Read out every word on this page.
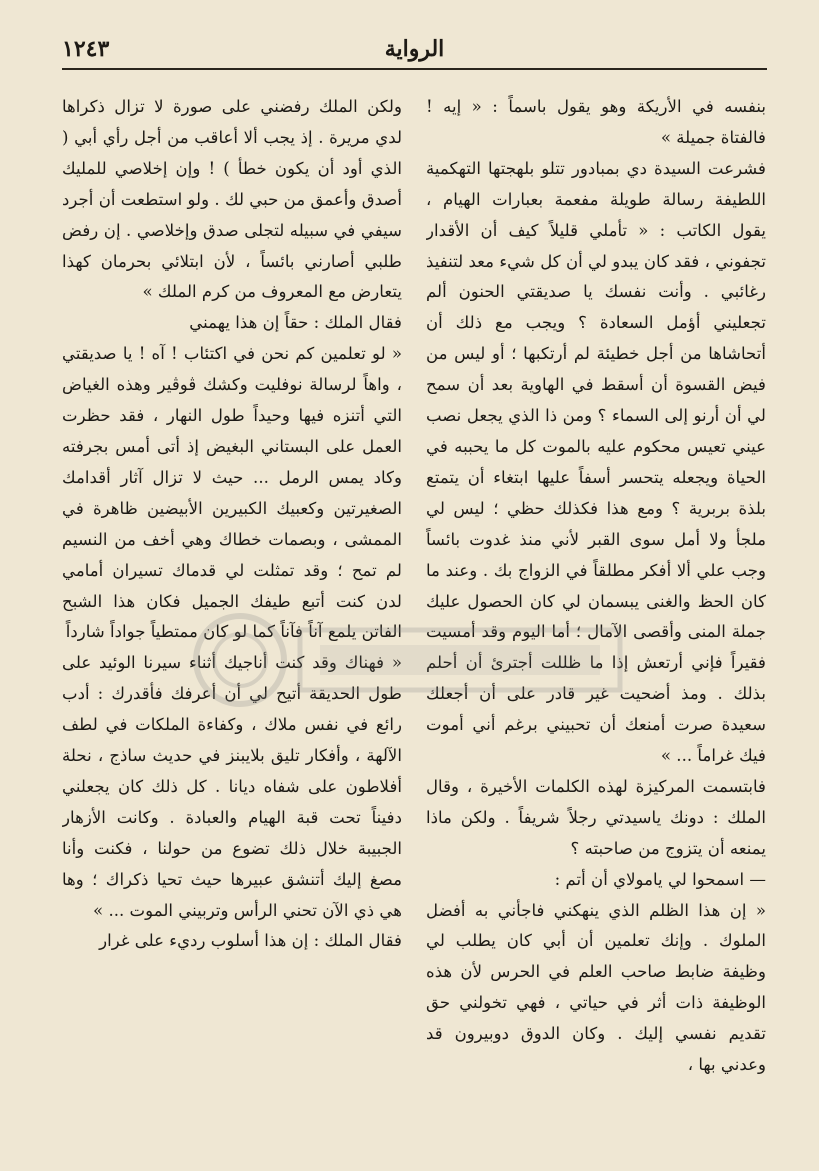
١٢٤٣	الرواية

بنفسه في الأريكة وهو يقول باسماً : « إيه ! فالفتاة جميلة »

فشرعت السيدة دي بمبادور تتلو بلهجتها التهكمية اللطيفة رسالة طويلة مفعمة بعبارات الهيام ، يقول الكاتب : « تأملي قليلاً كيف أن الأقدار تجفوني ، فقد كان يبدو لي أن كل شيء معد لتنفيذ رغائبي . وأنت نفسك يا صديقتي الحنون ألم تجعليني أؤمل السعادة ؟ ويجب مع ذلك أن أتحاشاها من أجل خطيئة لم أرتكبها ؛ أو ليس من فيض القسوة أن أسقط في الهاوية بعد أن سمح لي أن أرنو إلى السماء ؟ ومن ذا الذي يجعل نصب عيني تعيس محكوم عليه بالموت كل ما يحببه في الحياة ويجعله يتحسر أسفاً عليها ابتغاء أن يتمتع بلذة بربرية ؟ ومع هذا فكذلك حظي ؛ ليس لي ملجأ ولا أمل سوى القبر لأني منذ غدوت بائساً وجب علي ألا أفكر مطلقاً في الزواج بك . وعند ما كان الحظ والغنى يبسمان لي كان الحصول عليك جملة المنى وأقصى الآمال ؛ أما اليوم وقد أمسيت فقيراً فإني أرتعش إذا ما ظللت أجترئ أن أحلم بذلك . ومذ أضحيت غير قادر على أن أجعلك سعيدة صرت أمنعك أن تحبيني برغم أني أموت فيك غراماً ... »

فابتسمت المركيزة لهذه الكلمات الأخيرة ، وقال الملك : دونك ياسيدتي رجلاً شريفاً . ولكن ماذا يمنعه أن يتزوج من صاحبته ؟

— اسمحوا لي يامولاي أن أتم :

« إن هذا الظلم الذي ينهكني فاجأني به أفضل الملوك . وإنك تعلمين أن أبي كان يطلب لي وظيفة ضابط صاحب العلم في الحرس لأن هذه الوظيفة ذات أثر في حياتي ، فهي تخولني حق تقديم نفسي إليك . وكان الدوق دوبيرون قد وعدني بها ،

ولكن الملك رفضني على صورة لا تزال ذكراها لدي مريرة . إذ يجب ألا أعاقب من أجل رأي أبي ( الذي أود أن يكون خطأ ) ! وإن إخلاصي للمليك أصدق وأعمق من حبي لك . ولو استطعت أن أجرد سيفي في سبيله لتجلى صدق وإخلاصي . إن رفض طلبي أصارني بائساً ، لأن ابتلائي بحرمان كهذا يتعارض مع المعروف من كرم الملك »

فقال الملك : حقاً إن هذا يهمني

« لو تعلمين كم نحن في اكتئاب ! آه ! يا صديقتي ، واهاً لرسالة نوفليت وكشك ڤوڤير وهذه الغياض التي أتنزه فيها وحيداً طول النهار ، فقد حظرت العمل على البستاني البغيض إذ أتى أمس بجرفته وكاد يمس الرمل ... حيث لا تزال آثار أقدامك الصغيرتين وكعبيك الكبيرين الأبيضين ظاهرة في الممشى ، وبصمات خطاك وهي أخف من النسيم لم تمح ؛ وقد تمثلت لي قدماك تسيران أمامي لدن كنت أتبع طيفك الجميل فكان هذا الشبح الفاتن يلمع آناً فآناً كما لو كان ممتطياً جواداً شارداً

« فهناك وقد كنت أناجيك أثناء سيرنا الوئيد على طول الحديقة أتيح لي أن أعرفك فأقدرك : أدب رائع في نفس ملاك ، وكفاءة الملكات في لطف الآلهة ، وأفكار تليق بلايبنز في حديث ساذج ، نحلة أفلاطون على شفاه ديانا . كل ذلك كان يجعلني دفيناً تحت قبة الهيام والعبادة . وكانت الأزهار الجبيبة خلال ذلك تضوع من حولنا ، فكنت وأنا مصغ إليك أتنشق عبيرها حيث تحيا ذكراك ؛ وها هي ذي الآن تحني الرأس وتربيني الموت ... »

فقال الملك : إن هذا أسلوب رديء على غرار
